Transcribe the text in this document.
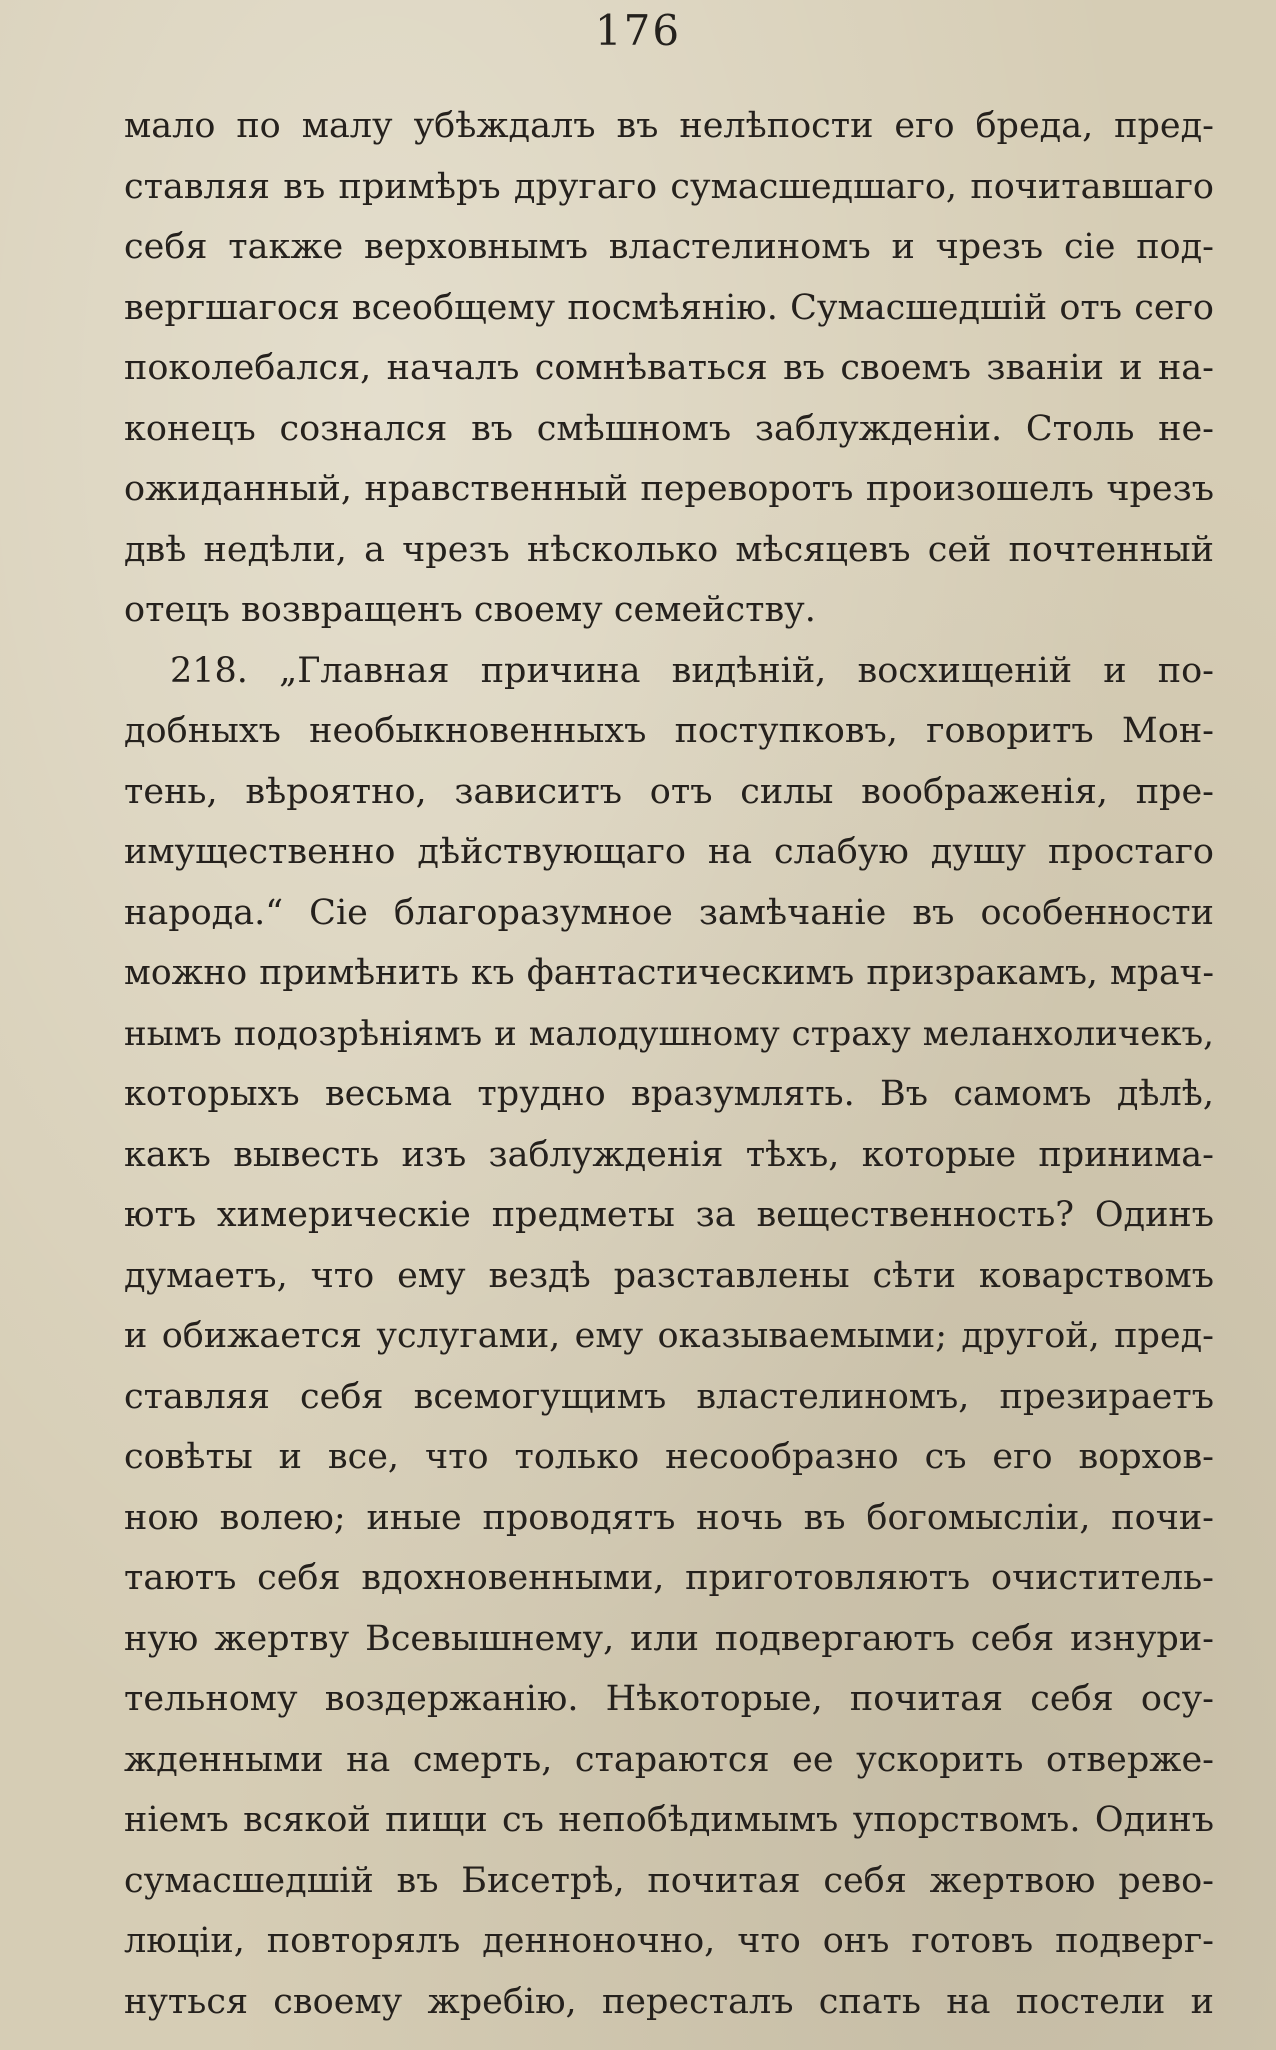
176
мало по малу убѣждалъ въ нелѣпости его бреда, пред-
ставляя въ примѣръ другаго сумасшедшаго, почитавшаго
себя также верховнымъ властелиномъ и чрезъ сіе под-
вергшагося всеобщему посмѣянію. Сумасшедшій отъ сего
поколебался, началъ сомнѣваться въ своемъ званіи и на-
конецъ сознался въ смѣшномъ заблужденіи. Столь не-
ожиданный, нравственный переворотъ произошелъ чрезъ
двѣ недѣли, а чрезъ нѣсколько мѣсяцевъ сей почтенный
отецъ возвращенъ своему семейству.
218. „Главная причина видѣній, восхищеній и по-
добныхъ необыкновенныхъ поступковъ, говоритъ Мон-
тень, вѣроятно, зависитъ отъ силы воображенія, пре-
имущественно дѣйствующаго на слабую душу простаго
народа.“ Сіе благоразумное замѣчаніе въ особенности
можно примѣнить къ фантастическимъ призракамъ, мрач-
нымъ подозрѣніямъ и малодушному страху меланхоличекъ,
которыхъ весьма трудно вразумлять. Въ самомъ дѣлѣ,
какъ вывесть изъ заблужденія тѣхъ, которые принима-
ютъ химерическіе предметы за вещественность? Одинъ
думаетъ, что ему вездѣ разставлены сѣти коварствомъ
и обижается услугами, ему оказываемыми; другой, пред-
ставляя себя всемогущимъ властелиномъ, презираетъ
совѣты и все, что только несообразно съ его ворхов-
ною волею; иные проводятъ ночь въ богомысліи, почи-
таютъ себя вдохновенными, приготовляютъ очиститель-
ную жертву Всевышнему, или подвергаютъ себя изнури-
тельному воздержанію. Нѣкоторые, почитая себя осу-
жденными на смерть, стараются ее ускорить отверже-
ніемъ всякой пищи съ непобѣдимымъ упорствомъ. Одинъ
сумасшедшій въ Бисетрѣ, почитая себя жертвою рево-
люціи, повторялъ денноночно, что онъ готовъ подверг-
нуться своему жребію, пересталъ спать на постели и
